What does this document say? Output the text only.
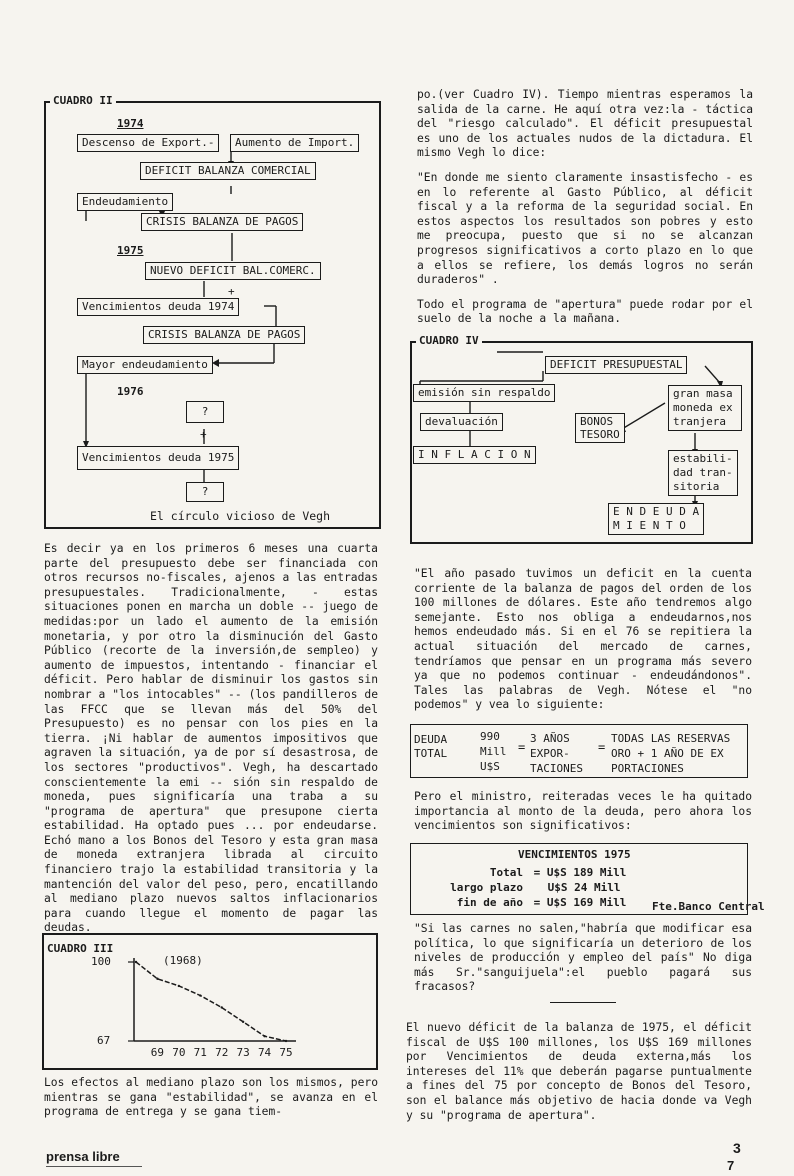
CUADRO II
1974
Descenso de Export.-	Aumento de Import.
DEFICIT BALANZA COMERCIAL
Endeudamiento
CRISIS BALANZA DE PAGOS
1975
NUEVO DEFICIT BAL.COMERC.
+
Vencimientos deuda 1974
CRISIS BALANZA DE PAGOS
Mayor endeudamiento
1976
?
+
Vencimientos deuda 1975
?
El círculo vicioso de Vegh

Es decir ya en los primeros 6 meses una cuarta parte del presupuesto debe ser financiada con otros recursos no-fiscales, ajenos a las entradas presupuestales. Tradicionalmente, - estas situaciones ponen en marcha un doble -- juego de medidas:por un lado el aumento de la emisión monetaria, y por otro la disminución del Gasto Público (recorte de la inversión,de sempleo) y aumento de impuestos, intentando - financiar el déficit. Pero hablar de disminuir los gastos sin nombrar a "los intocables" -- (los pandilleros de las FFCC que se llevan más del 50% del Presupuesto) es no pensar con los pies en la tierra. ¡Ni hablar de aumentos impositivos que agraven la situación, ya de por sí desastrosa, de los sectores "productivos". Vegh, ha descartado conscientemente la emi -- sión sin respaldo de moneda, pues significaría una traba a su "programa de apertura" que presupone cierta estabilidad. Ha optado pues ... por endeudarse. Echó mano a los Bonos del Tesoro y esta gran masa de moneda extranjera librada al circuito financiero trajo la estabilidad transitoria y la mantención del valor del peso, pero, encatillando al mediano plazo nuevos saltos inflacionarios para cuando llegue el momento de pagar las deudas.

CUADRO III
100
67
(1968)
69 70 71 72 73 74 75

Los efectos al mediano plazo son los mismos, pero mientras se gana "estabilidad", se avanza en el programa de entrega y se gana tiem-

prensa libre
3
7

po.(ver Cuadro IV). Tiempo mientras esperamos la salida de la carne. He aquí otra vez:la - táctica del "riesgo calculado". El déficit presupuestal es uno de los actuales nudos de la dictadura. El mismo Vegh lo dice:

"En donde me siento claramente insastisfecho - es en lo referente al Gasto Público, al déficit fiscal y a la reforma de la seguridad social. En estos aspectos los resultados son pobres y esto me preocupa, puesto que si no se alcanzan progresos significativos a corto plazo en lo que a ellos se refiere, los demás logros no serán duraderos" .

Todo el programa de "apertura" puede rodar por el suelo de la noche a la mañana.

CUADRO IV
DEFICIT PRESUPUESTAL
emisión sin respaldo
devaluación
I N F L A C I O N
BONOS
TESORO
gran masa moneda ex tranjera
estabili- dad tran- sitoria
E N D E U D A
M I E N T O

"El año pasado tuvimos un deficit en la cuenta corriente de la balanza de pagos del orden de los 100 millones de dólares. Este año tendremos algo semejante. Esto nos obliga a endeudarnos,nos hemos endeudado más. Si en el 76 se repitiera la actual situación del mercado de carnes, tendríamos que pensar en un programa más severo ya que no podemos continuar - endeudándonos". Tales las palabras de Vegh. Nótese el "no podemos" y vea lo siguiente:

DEUDA
TOTAL
990
Mill
U$S
=
3 AÑOS
EXPOR-
TACIONES
=
TODAS LAS RESERVAS
ORO + 1 AÑO DE EX
PORTACIONES

Pero el ministro, reiteradas veces le ha quitado importancia al monto de la deuda, pero ahora los vencimientos son significativos:

VENCIMIENTOS 1975
Total = U$S 189 Mill
largo plazo U$S 24 Mill
fin de año = U$S 169 Mill	Fte.Banco Central

"Si las carnes no salen,"habría que modificar esa política, lo que significaría un deterioro de los niveles de producción y empleo del país" No diga más Sr."sanguijuela":el pueblo pagará sus fracasos?

El nuevo déficit de la balanza de 1975, el déficit fiscal de U$S 100 millones, los U$S 169 millones por Vencimientos de deuda externa,más los intereses del 11% que deberán pagarse puntualmente a fines del 75 por concepto de Bonos del Tesoro, son el balance más objetivo de hacia donde va Vegh y su "programa de apertura".
